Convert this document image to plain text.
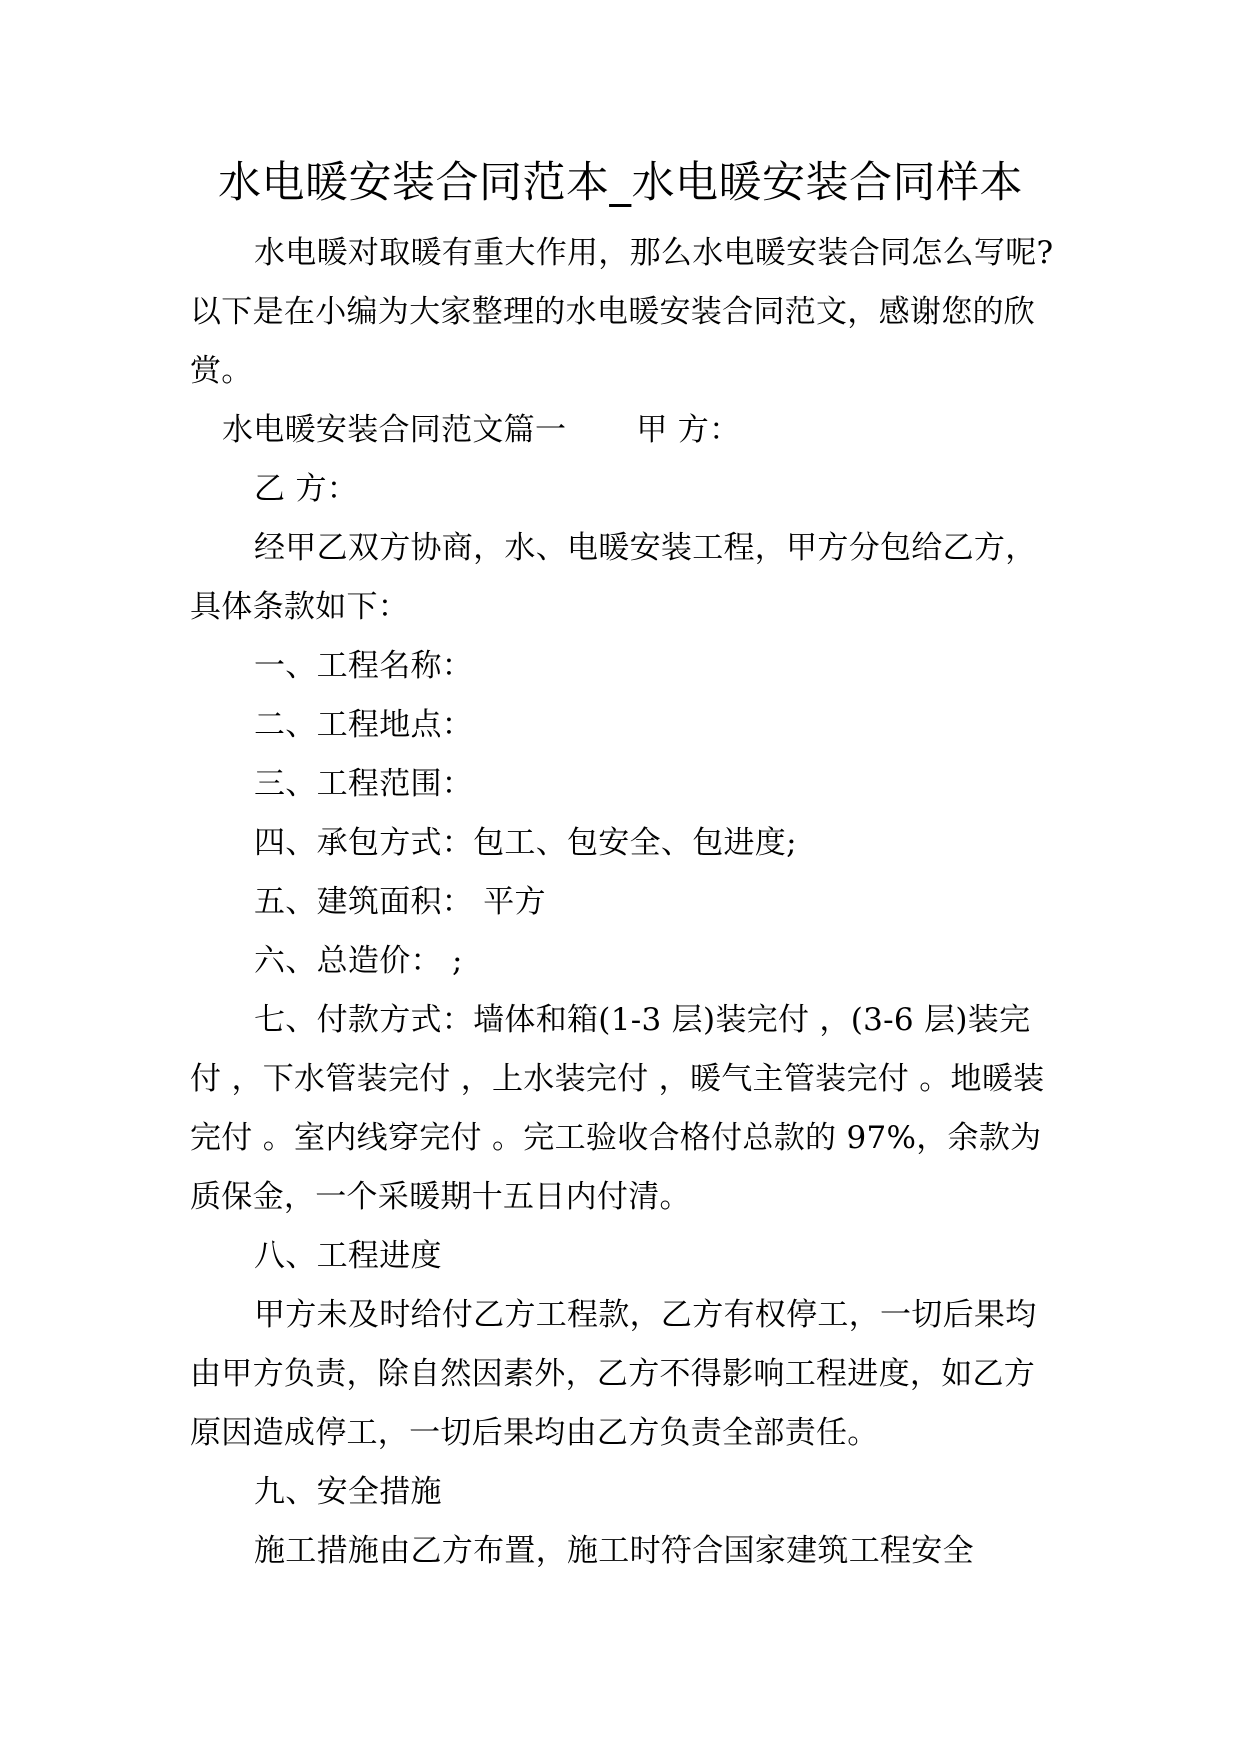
水电暖安装合同范本_水电暖安装合同样本

水电暖对取暖有重大作用，那么水电暖安装合同怎么写呢?以下是在小编为大家整理的水电暖安装合同范文，感谢您的欣赏。

水电暖安装合同范文篇一 甲 方：

乙 方：

经甲乙双方协商，水、电暖安装工程，甲方分包给乙方，具体条款如下：

一、工程名称：

二、工程地点：

三、工程范围：

四、承包方式：包工、包安全、包进度;

五、建筑面积： 平方

六、总造价： ;

七、付款方式：墙体和箱(1-3 层)装完付 ，(3-6 层)装完付 ，下水管装完付 ，上水装完付 ，暖气主管装完付 。地暖装完付 。室内线穿完付 。完工验收合格付总款的 97%，余款为质保金，一个采暖期十五日内付清。

八、工程进度

甲方未及时给付乙方工程款，乙方有权停工，一切后果均由甲方负责，除自然因素外，乙方不得影响工程进度，如乙方原因造成停工，一切后果均由乙方负责全部责任。

九、安全措施

施工措施由乙方布置，施工时符合国家建筑工程安全
